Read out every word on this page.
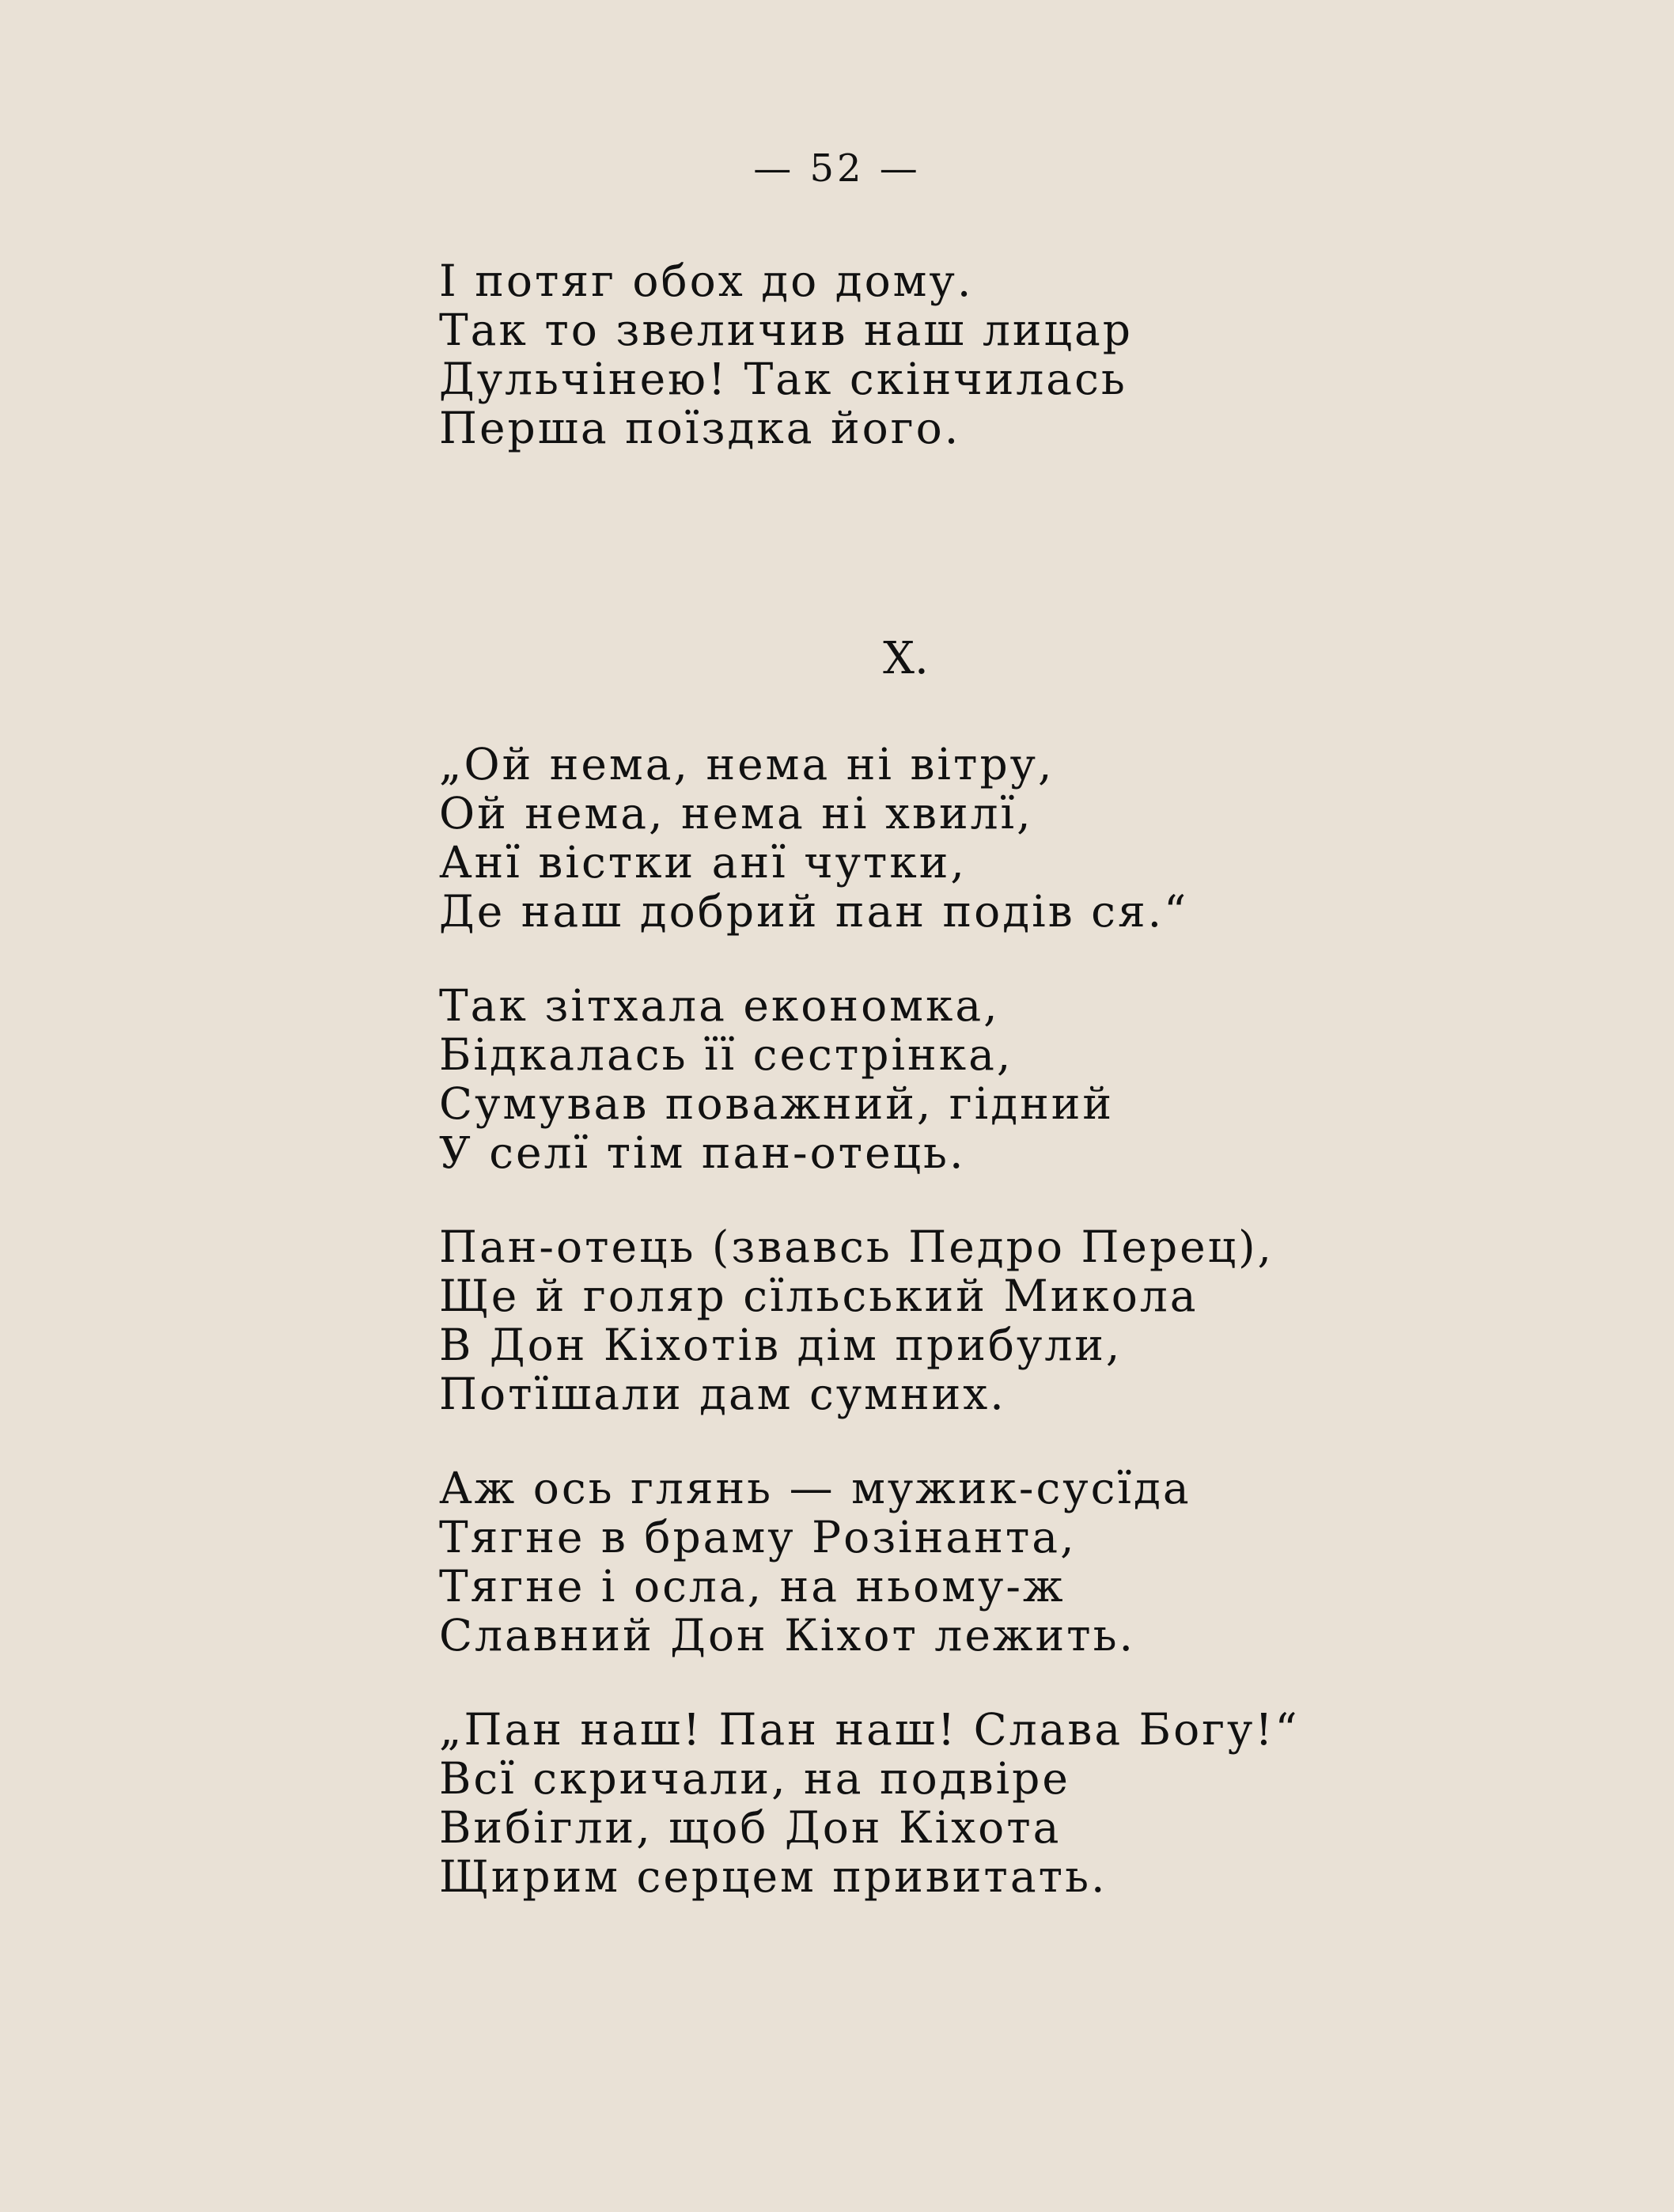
— 52 —
І потяг обох до дому.
Так то звеличив наш лицар
Дульчінею! Так скінчилась
Перша поїздка його.
X.
„Ой нема, нема ні вітру,
Ой нема, нема ні хвилї,
Анї вістки анї чутки,
Де наш добрий пан подів ся.“
Так зітхала економка,
Бідкалась її сестрінка,
Сумував поважний, гідний
У селї тім пан-отець.
Пан-отець (звавсь Педро Перец),
Ще й голяр сїльський Микола
В Дон Кіхотів дім прибули,
Потїшали дам сумних.
Аж ось глянь — мужик-сусїда
Тягне в браму Розінанта,
Тягне і осла, на ньому-ж
Славний Дон Кіхот лежить.
„Пан наш! Пан наш! Слава Богу!“
Всї скричали, на подвіре
Вибігли, щоб Дон Кіхота
Щирим серцем привитать.
